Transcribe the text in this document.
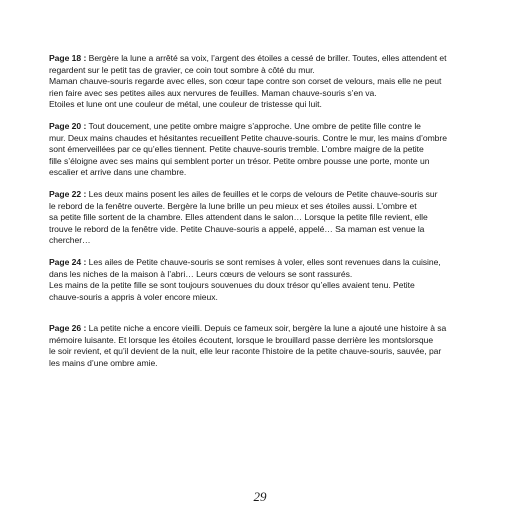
Page 18 : Bergère la lune a arrêté sa voix, l’argent des étoiles a cessé de briller. Toutes, elles attendent et
regardent sur le petit tas de gravier, ce coin tout sombre à côté du mur.
Maman chauve-souris regarde avec elles, son cœur tape contre son corset de velours, mais elle ne peut
rien faire avec ses petites ailes aux nervures de feuilles. Maman chauve-souris s’en va.
Etoiles et lune ont une couleur de métal, une couleur de tristesse qui luit.

Page 20 : Tout doucement, une petite ombre maigre s’approche. Une ombre de petite fille contre le
mur. Deux mains chaudes et hésitantes recueillent Petite chauve-souris. Contre le mur, les mains d’ombre
sont émerveillées par ce qu’elles tiennent. Petite chauve-souris tremble. L’ombre maigre de la petite
fille s’éloigne avec ses mains qui semblent porter un trésor. Petite ombre pousse une porte, monte un
escalier et arrive dans une chambre.

Page 22 : Les deux mains posent les ailes de feuilles et le corps de velours de Petite chauve-souris sur
le rebord de la fenêtre ouverte. Bergère la lune brille un peu mieux et ses étoiles aussi. L’ombre et
sa petite fille sortent de la chambre. Elles attendent dans le salon… Lorsque la petite fille revient, elle
trouve le rebord de la fenêtre vide. Petite Chauve-souris a appelé, appelé… Sa maman est venue la
chercher…

Page 24 : Les ailes de Petite chauve-souris se sont remises à voler, elles sont revenues dans la cuisine,
dans les niches de la maison à l’abri… Leurs cœurs de velours se sont rassurés.
Les mains de la petite fille se sont toujours souvenues du doux trésor qu’elles avaient tenu. Petite
chauve-souris a appris à voler encore mieux.

Page 26 : La petite niche a encore vieilli. Depuis ce fameux soir, bergère la lune a ajouté une histoire à sa
mémoire luisante. Et lorsque les étoiles écoutent, lorsque le brouillard passe derrière les montslorsque
le soir revient, et qu’il devient de la nuit, elle leur raconte l’histoire de la petite chauve-souris, sauvée, par
les mains d’une ombre amie.

29
